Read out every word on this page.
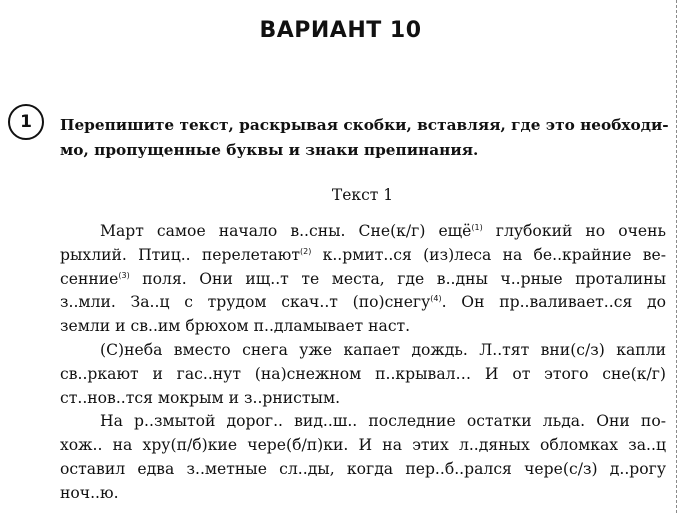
ВАРИАНТ 10
1	Перепишите текст, раскрывая скобки, вставляя, где это необходи-

мо, пропущенные буквы и знаки препинания.

Текст 1

Март самое начало в..сны. Сне(к/г) ещё$^{(1)}$ глубокий но очень

рыхлий. Птиц.. перелетают$^{(2)}$ к..рмит..ся (из)леса на бе..крайние ве-

сенние$^{(3)}$ поля. Они ищ..т те места, где в..дны ч..рные проталины

з..мли. За..ц с трудом скач..т (по)снегу$^{(4)}$. Он пр..валивает..ся до

земли и св..им брюхом п..дламывает наст.

(С)неба вместо снега уже капает дождь. Л..тят вни(с/з) капли

св..ркают и гас..нут (на)снежном п..крывал… И от этого сне(к/г)

ст..нов..тся мокрым и з..рнистым.

На р..змытой дорог.. вид..ш.. последние остатки льда. Они по-

хож.. на хру(п/б)кие чере(б/п)ки. И на этих л..дяных обломках за..ц

оставил едва з..метные сл..ды, когда пер..б..рался чере(с/з) д..рогу

ноч..ю.
